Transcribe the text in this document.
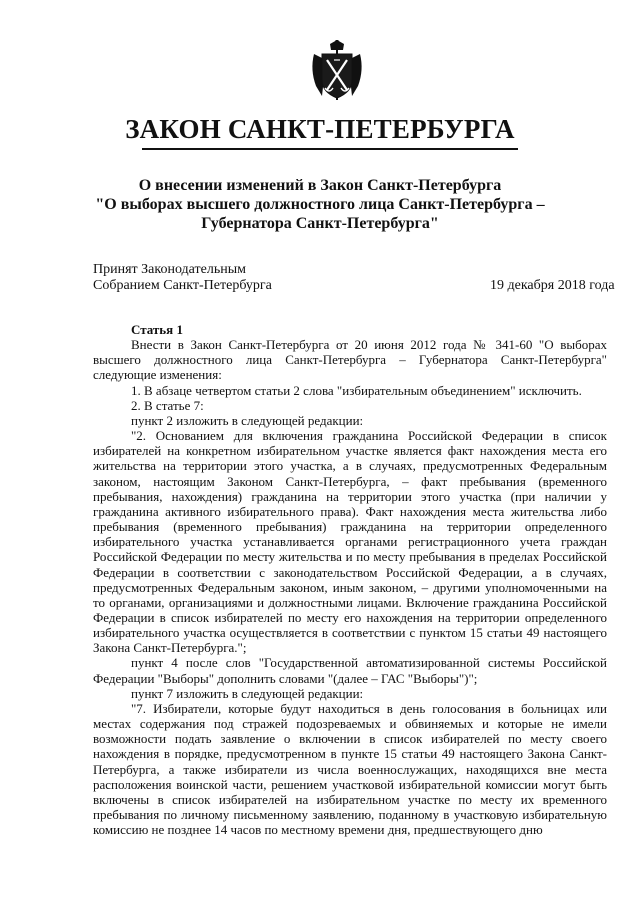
ЗАКОН САНКТ-ПЕТЕРБУРГА
О внесении изменений в Закон Санкт-Петербурга
"О выборах высшего должностного лица Санкт-Петербурга –
Губернатора Санкт-Петербурга"
Принят Законодательным
Собранием Санкт-Петербурга	19 декабря 2018 года

Статья 1

Внести в Закон Санкт-Петербурга от 20 июня 2012 года № 341-60 "О выборах высшего должностного лица Санкт-Петербурга – Губернатора Санкт-Петербурга" следующие изменения:

1. В абзаце четвертом статьи 2 слова "избирательным объединением" исключить.

2. В статье 7:

пункт 2 изложить в следующей редакции:

"2. Основанием для включения гражданина Российской Федерации в список избирателей на конкретном избирательном участке является факт нахождения места его жительства на территории этого участка, а в случаях, предусмотренных Федеральным законом, настоящим Законом Санкт-Петербурга, – факт пребывания (временного пребывания, нахождения) гражданина на территории этого участка (при наличии у гражданина активного избирательного права). Факт нахождения места жительства либо пребывания (временного пребывания) гражданина на территории определенного избирательного участка устанавливается органами регистрационного учета граждан Российской Федерации по месту жительства и по месту пребывания в пределах Российской Федерации в соответствии с законодательством Российской Федерации, а в случаях, предусмотренных Федеральным законом, иным законом, – другими уполномоченными на то органами, организациями и должностными лицами. Включение гражданина Российской Федерации в список избирателей по месту его нахождения на территории определенного избирательного участка осуществляется в соответствии с пунктом 15 статьи 49 настоящего Закона Санкт-Петербурга.";

пункт 4 после слов "Государственной автоматизированной системы Российской Федерации "Выборы" дополнить словами "(далее – ГАС "Выборы")";

пункт 7 изложить в следующей редакции:

"7. Избиратели, которые будут находиться в день голосования в больницах или местах содержания под стражей подозреваемых и обвиняемых и которые не имели возможности подать заявление о включении в список избирателей по месту своего нахождения в порядке, предусмотренном в пункте 15 статьи 49 настоящего Закона Санкт-Петербурга, а также избиратели из числа военнослужащих, находящихся вне места расположения воинской части, решением участковой избирательной комиссии могут быть включены в список избирателей на избирательном участке по месту их временного пребывания по личному письменному заявлению, поданному в участковую избирательную комиссию не позднее 14 часов по местному времени дня, предшествующего дню
